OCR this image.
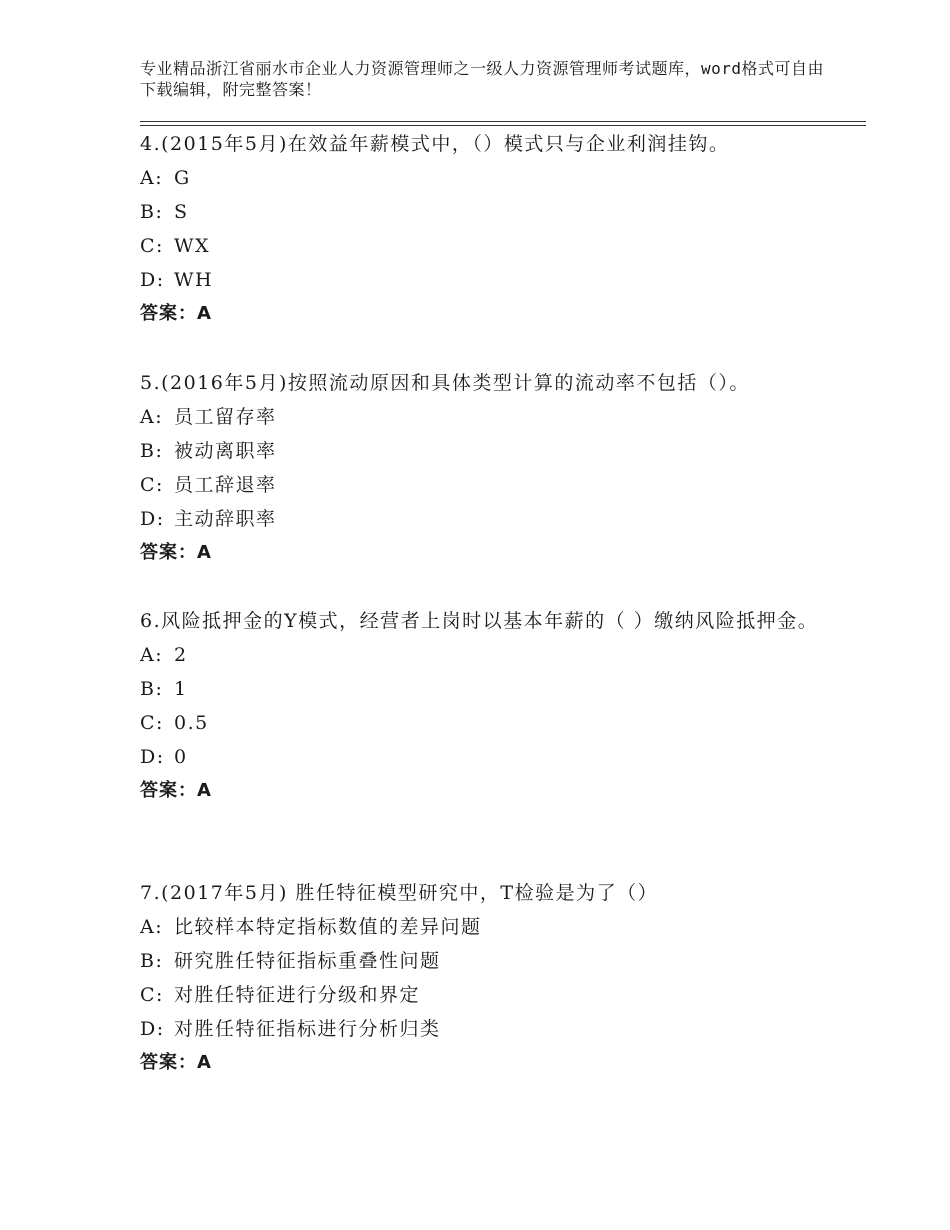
专业精品浙江省丽水市企业人力资源管理师之一级人力资源管理师考试题库，word格式可自由下载编辑，附完整答案！

4.(2015年5月)在效益年薪模式中，（）模式只与企业利润挂钩。

A: G
B: S
C: WX
D: WH
答案：A

5.(2016年5月)按照流动原因和具体类型计算的流动率不包括（）。

A: 员工留存率
B: 被动离职率
C: 员工辞退率
D: 主动辞职率
答案：A

6.风险抵押金的Y模式，经营者上岗时以基本年薪的（ ）缴纳风险抵押金。

A: 2
B: 1
C: 0.5
D: 0
答案：A

7.(2017年5月) 胜任特征模型研究中，T检验是为了（）

A: 比较样本特定指标数值的差异问题
B: 研究胜任特征指标重叠性问题
C: 对胜任特征进行分级和界定
D: 对胜任特征指标进行分析归类
答案：A
